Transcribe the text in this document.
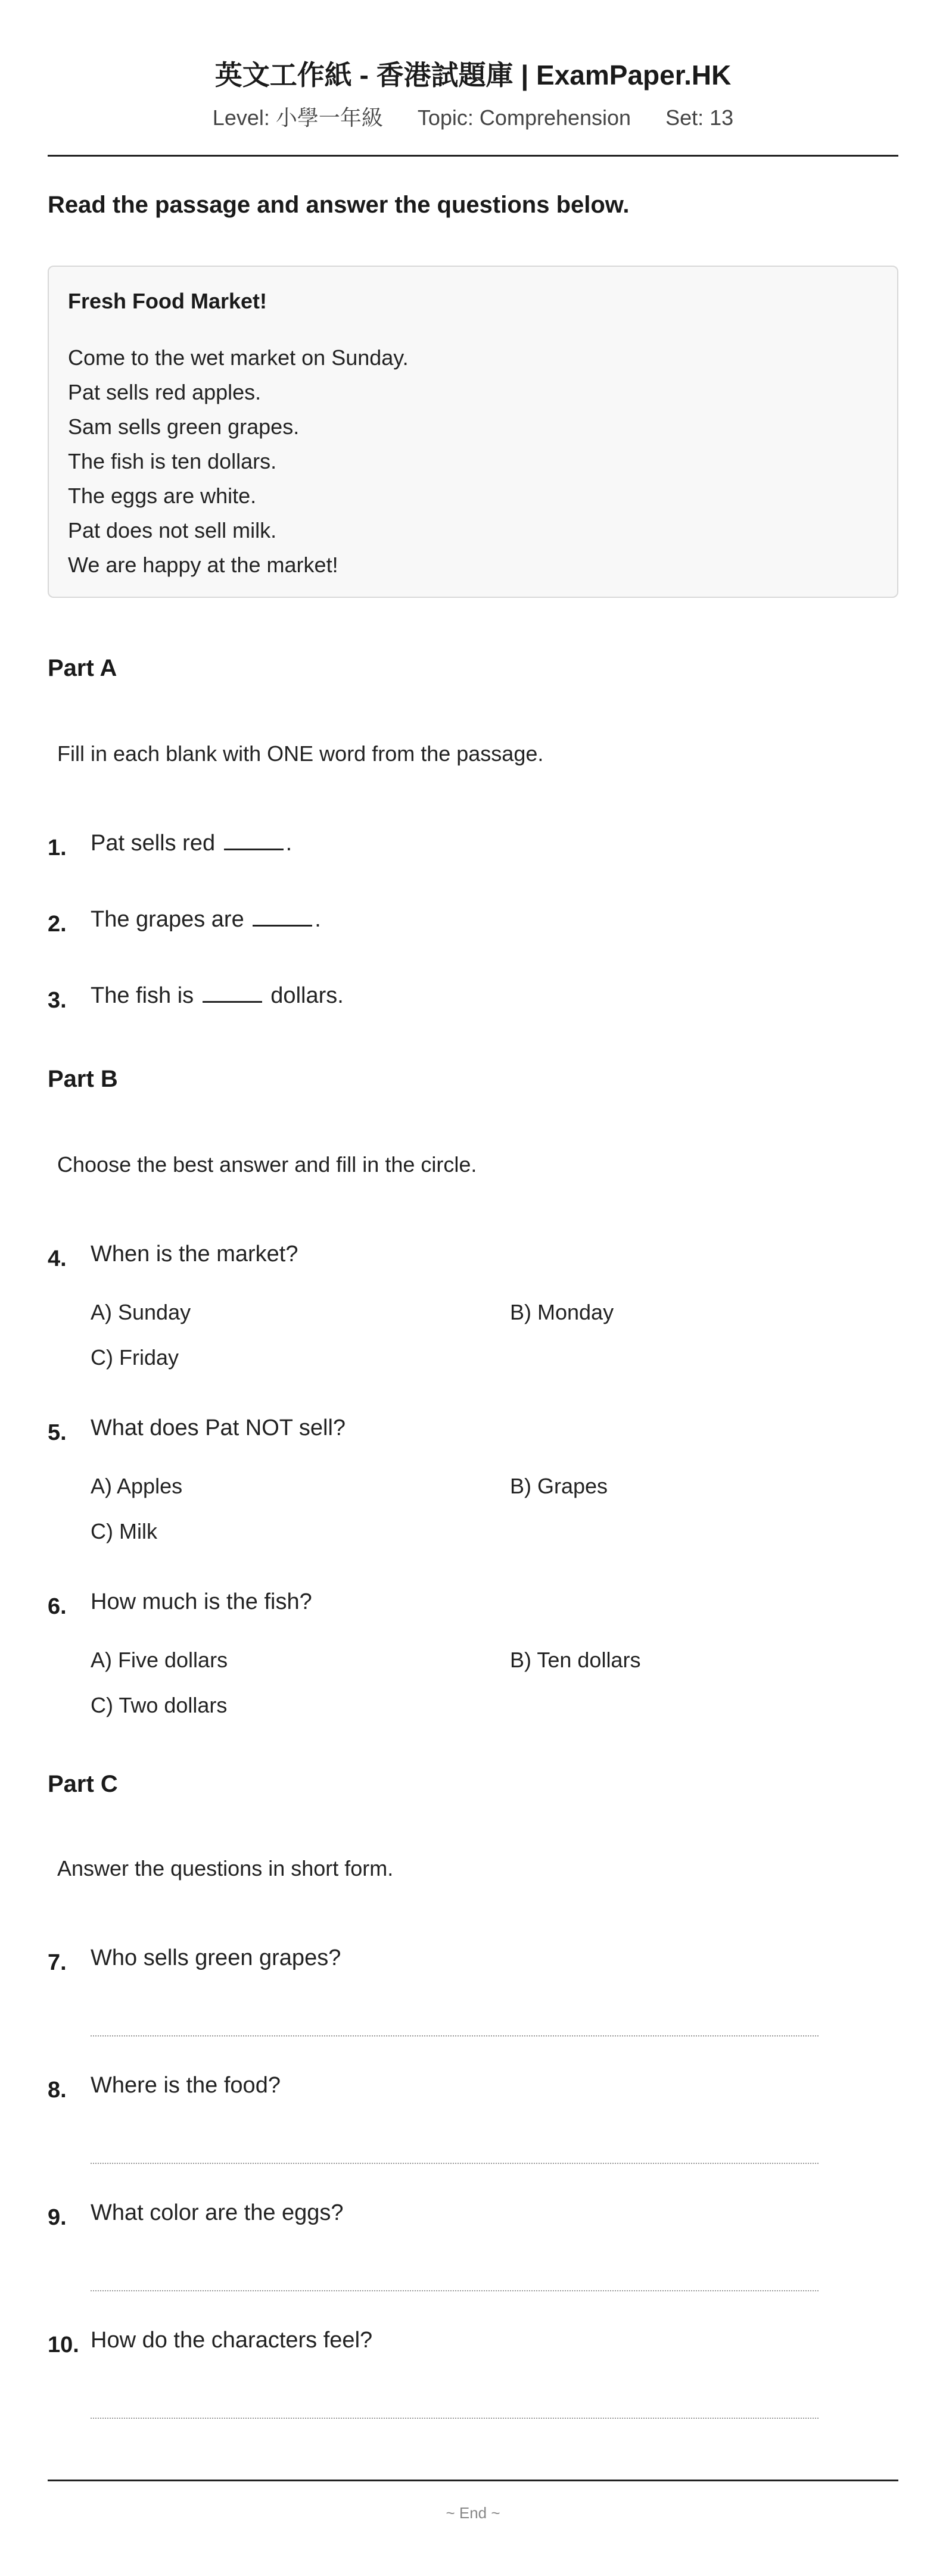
英文工作紙 - 香港試題庫 | ExamPaper.HK
Level: 小學一年級 Topic: Comprehension Set: 13
Read the passage and answer the questions below.
Fresh Food Market!
Come to the wet market on Sunday.
Pat sells red apples.
Sam sells green grapes.
The fish is ten dollars.
The eggs are white.
Pat does not sell milk.
We are happy at the market!
Part A
Fill in each blank with ONE word from the passage.
1. Pat sells red	.
2. The grapes are	.
3. The fish is	dollars.
Part B
Choose the best answer and fill in the circle.
4. When is the market?
A) Sunday	B) Monday
C) Friday
5. What does Pat NOT sell?
A) Apples	B) Grapes
C) Milk
6. How much is the fish?
A) Five dollars	B) Ten dollars
C) Two dollars
Part C
Answer the questions in short form.
7. Who sells green grapes?
8. Where is the food?
9. What color are the eggs?
10. How do the characters feel?
~ End ~
